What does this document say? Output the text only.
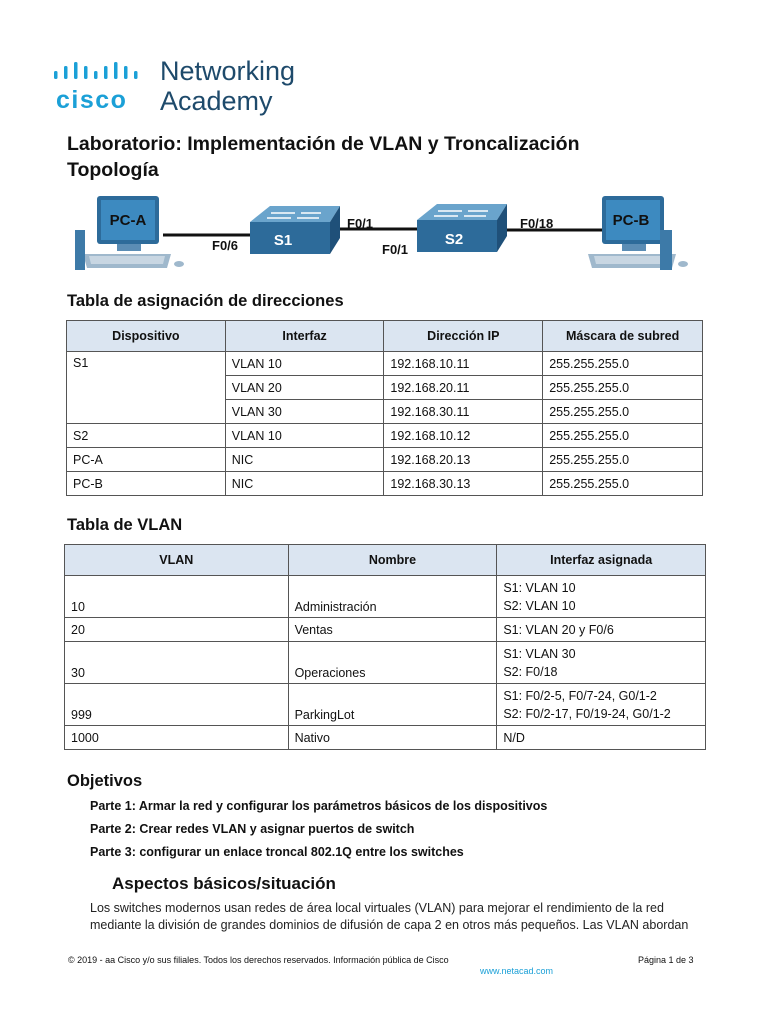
cisco
Networking
Academy
Laboratorio: Implementación de VLAN y Troncalización
Topología
PC-A
S1	S2
PC-B
F0/6
F0/1
F0/1
F0/18
Tabla de asignación de direcciones
Dispositivo	Interfaz	Dirección IP	Máscara de subred
S1	VLAN 10	192.168.10.11	255.255.255.0
	VLAN 20	192.168.20.11	255.255.255.0
	VLAN 30	192.168.30.11	255.255.255.0
S2	VLAN 10	192.168.10.12	255.255.255.0
PC-A	NIC	192.168.20.13	255.255.255.0
PC-B	NIC	192.168.30.13	255.255.255.0
Tabla de VLAN
VLAN	Nombre	Interfaz asignada
10	Administración	S1: VLAN 10
S2: VLAN 10

20	Ventas	S1: VLAN 20 y F0/6
30	Operaciones	S1: VLAN 30
S2: F0/18

999	ParkingLot	S1: F0/2-5, F0/7-24, G0/1-2
S2: F0/2-17, F0/19-24, G0/1-2

1000	Nativo	N/D
Objetivos
Parte 1: Armar la red y configurar los parámetros básicos de los dispositivos
Parte 2: Crear redes VLAN y asignar puertos de switch
Parte 3: configurar un enlace troncal 802.1Q entre los switches
Aspectos básicos/situación
Los switches modernos usan redes de área local virtuales (VLAN) para mejorar el rendimiento de la red mediante la división de grandes dominios de difusión de capa 2 en otros más pequeños. Las VLAN abordan
© 2019 - aa Cisco y/o sus filiales. Todos los derechos reservados. Información pública de Cisco	Página 1 de 3
www.netacad.com
